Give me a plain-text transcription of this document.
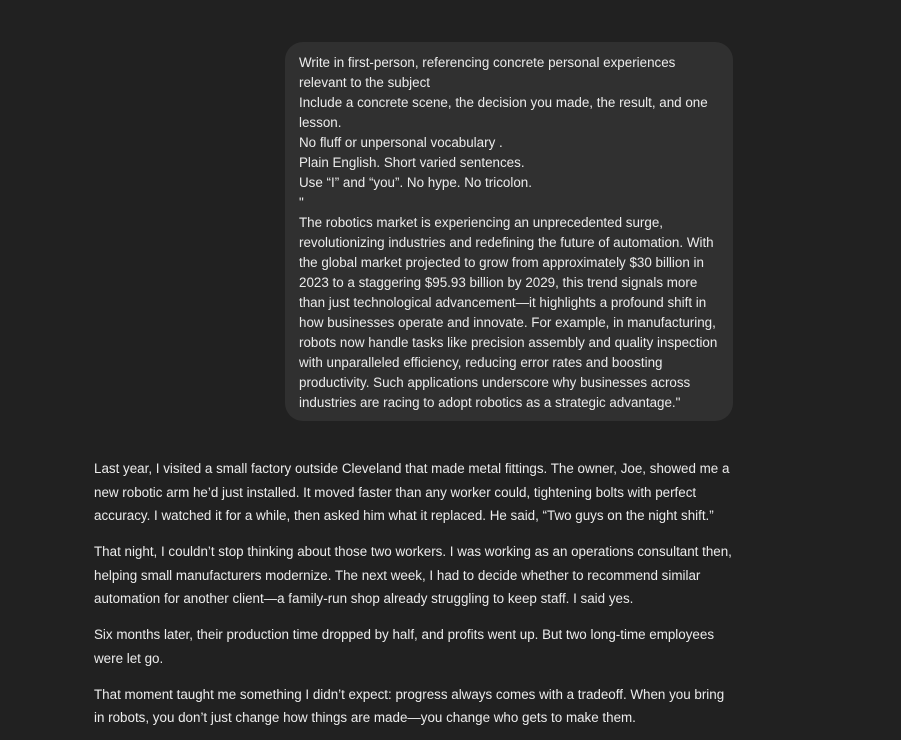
Write in first-person, referencing concrete personal experiences
relevant to the subject
Include a concrete scene, the decision you made, the result, and one
lesson.
No fluff or unpersonal vocabulary .
Plain English. Short varied sentences.
Use “I” and “you”. No hype. No tricolon.
"
The robotics market is experiencing an unprecedented surge,
revolutionizing industries and redefining the future of automation. With
the global market projected to grow from approximately $30 billion in
2023 to a staggering $95.93 billion by 2029, this trend signals more
than just technological advancement—it highlights a profound shift in
how businesses operate and innovate. For example, in manufacturing,
robots now handle tasks like precision assembly and quality inspection
with unparalleled efficiency, reducing error rates and boosting
productivity. Such applications underscore why businesses across
industries are racing to adopt robotics as a strategic advantage."

Last year, I visited a small factory outside Cleveland that made metal fittings. The owner, Joe, showed me a
new robotic arm he’d just installed. It moved faster than any worker could, tightening bolts with perfect
accuracy. I watched it for a while, then asked him what it replaced. He said, “Two guys on the night shift.”

That night, I couldn’t stop thinking about those two workers. I was working as an operations consultant then,
helping small manufacturers modernize. The next week, I had to decide whether to recommend similar
automation for another client—a family-run shop already struggling to keep staff. I said yes.

Six months later, their production time dropped by half, and profits went up. But two long-time employees
were let go.

That moment taught me something I didn’t expect: progress always comes with a tradeoff. When you bring
in robots, you don’t just change how things are made—you change who gets to make them.
